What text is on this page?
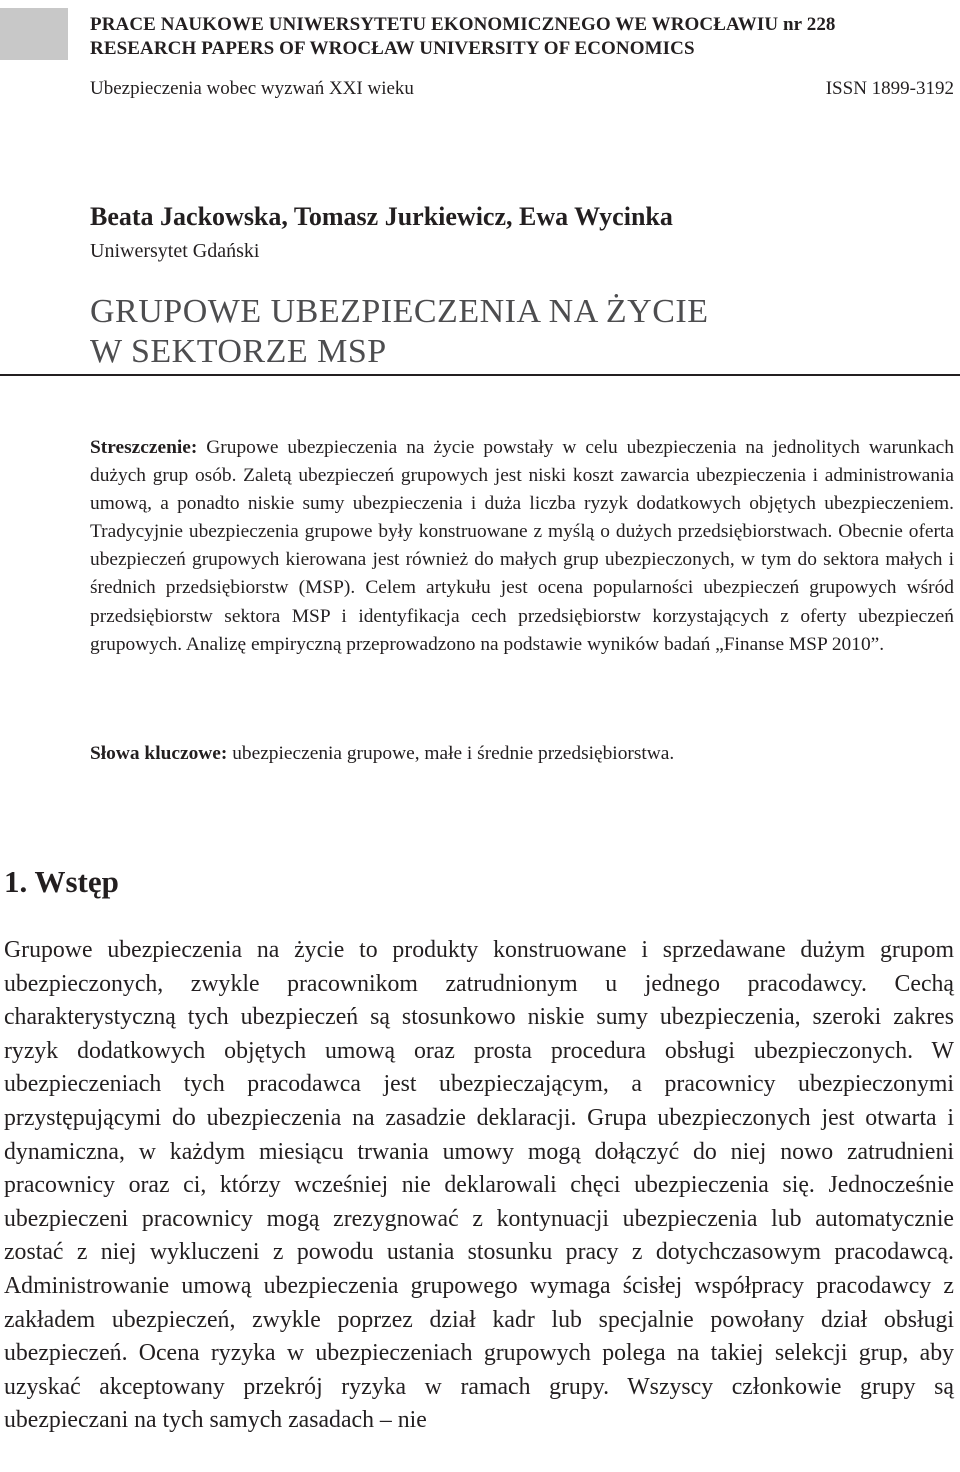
PRACE NAUKOWE UNIWERSYTETU EKONOMICZNEGO WE WROCŁAWIU nr 228
RESEARCH PAPERS OF WROCŁAW UNIVERSITY OF ECONOMICS
Ubezpieczenia wobec wyzwań XXI wieku	ISSN 1899-3192
Beata Jackowska, Tomasz Jurkiewicz, Ewa Wycinka
Uniwersytet Gdański
GRUPOWE UBEZPIECZENIA NA ŻYCIE
W SEKTORZE MSP
Streszczenie: Grupowe ubezpieczenia na życie powstały w celu ubezpieczenia na jednolitych warunkach dużych grup osób. Zaletą ubezpieczeń grupowych jest niski koszt zawarcia ubezpieczenia i administrowania umową, a ponadto niskie sumy ubezpieczenia i duża liczba ryzyk dodatkowych objętych ubezpieczeniem. Tradycyjnie ubezpieczenia grupowe były konstruowane z myślą o dużych przedsiębiorstwach. Obecnie oferta ubezpieczeń grupowych kierowana jest również do małych grup ubezpieczonych, w tym do sektora małych i średnich przedsiębiorstw (MSP). Celem artykułu jest ocena popularności ubezpieczeń grupowych wśród przedsiębiorstw sektora MSP i identyfikacja cech przedsiębiorstw korzystających z oferty ubezpieczeń grupowych. Analizę empiryczną przeprowadzono na podstawie wyników badań „Finanse MSP 2010”.
Słowa kluczowe: ubezpieczenia grupowe, małe i średnie przedsiębiorstwa.
1. Wstęp
Grupowe ubezpieczenia na życie to produkty konstruowane i sprzedawane dużym grupom ubezpieczonych, zwykle pracownikom zatrudnionym u jednego pracodawcy. Cechą charakterystyczną tych ubezpieczeń są stosunkowo niskie sumy ubezpieczenia, szeroki zakres ryzyk dodatkowych objętych umową oraz prosta procedura obsługi ubezpieczonych. W ubezpieczeniach tych pracodawca jest ubezpieczającym, a pracownicy ubezpieczonymi przystępującymi do ubezpieczenia na zasadzie deklaracji. Grupa ubezpieczonych jest otwarta i dynamiczna, w każdym miesiącu trwania umowy mogą dołączyć do niej nowo zatrudnieni pracownicy oraz ci, którzy wcześniej nie deklarowali chęci ubezpieczenia się. Jednocześnie ubezpieczeni pracownicy mogą zrezygnować z kontynuacji ubezpieczenia lub automatycznie zostać z niej wykluczeni z powodu ustania stosunku pracy z dotychczasowym pracodawcą. Administrowanie umową ubezpieczenia grupowego wymaga ścisłej współpracy pracodawcy z zakładem ubezpieczeń, zwykle poprzez dział kadr lub specjalnie powołany dział obsługi ubezpieczeń. Ocena ryzyka w ubezpieczeniach grupowych polega na takiej selekcji grup, aby uzyskać akceptowany przekrój ryzyka w ramach grupy. Wszyscy członkowie grupy są ubezpieczani na tych samych zasadach – nie
